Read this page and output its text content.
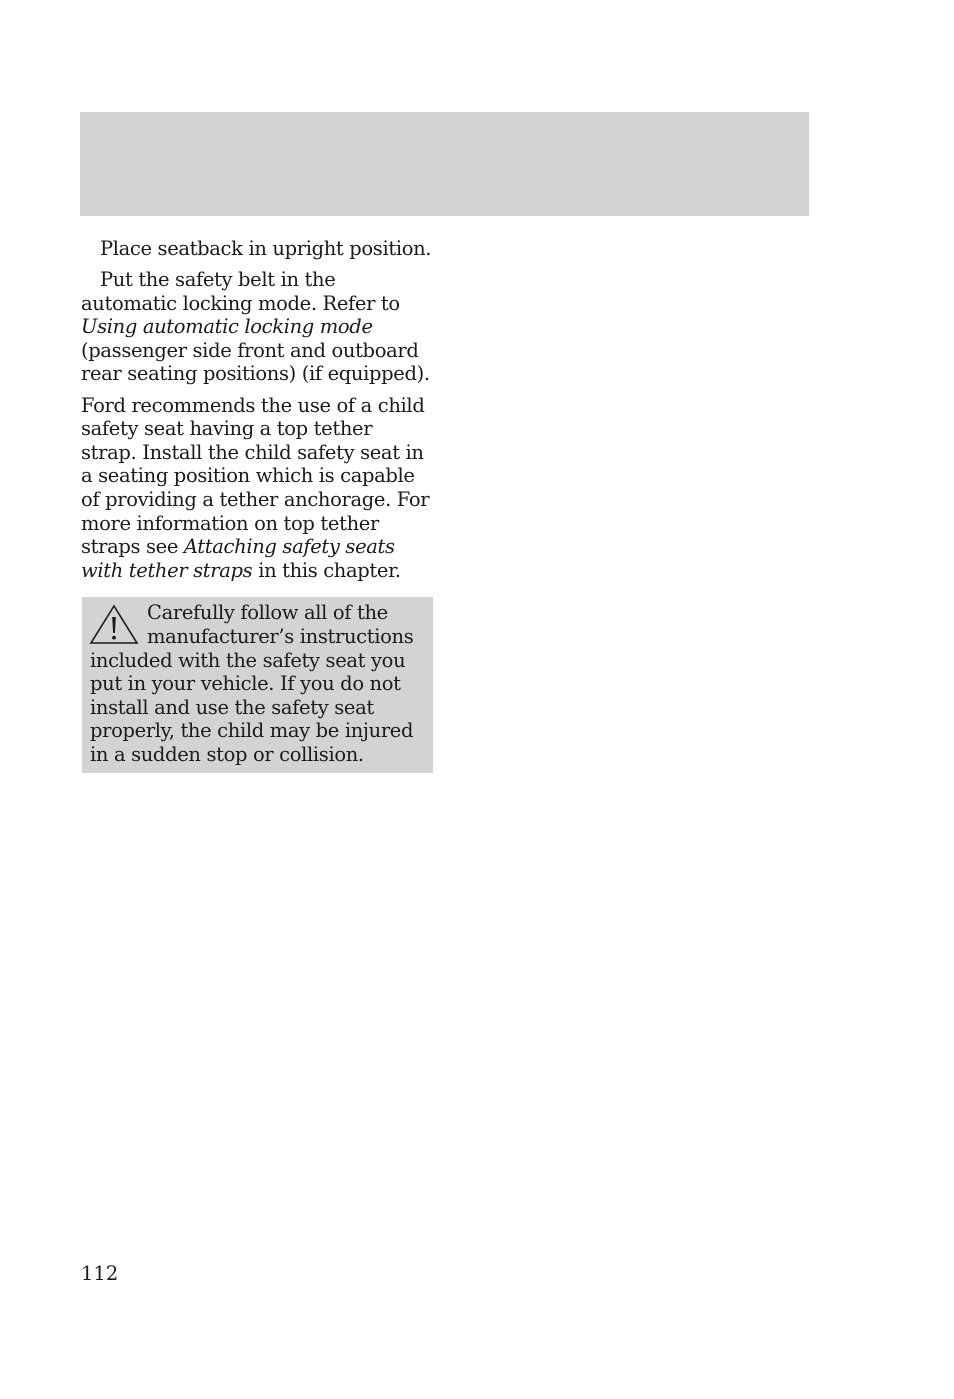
Place seatback in upright position.

Put the safety belt in the automatic locking mode. Refer to Using automatic locking mode (passenger side front and outboard rear seating positions) (if equipped).

Ford recommends the use of a child safety seat having a top tether strap. Install the child safety seat in a seating position which is capable of providing a tether anchorage. For more information on top tether straps see Attaching safety seats with tether straps in this chapter.

Carefully follow all of the manufacturer’s instructions included with the safety seat you put in your vehicle. If you do not install and use the safety seat properly, the child may be injured in a sudden stop or collision.
112
